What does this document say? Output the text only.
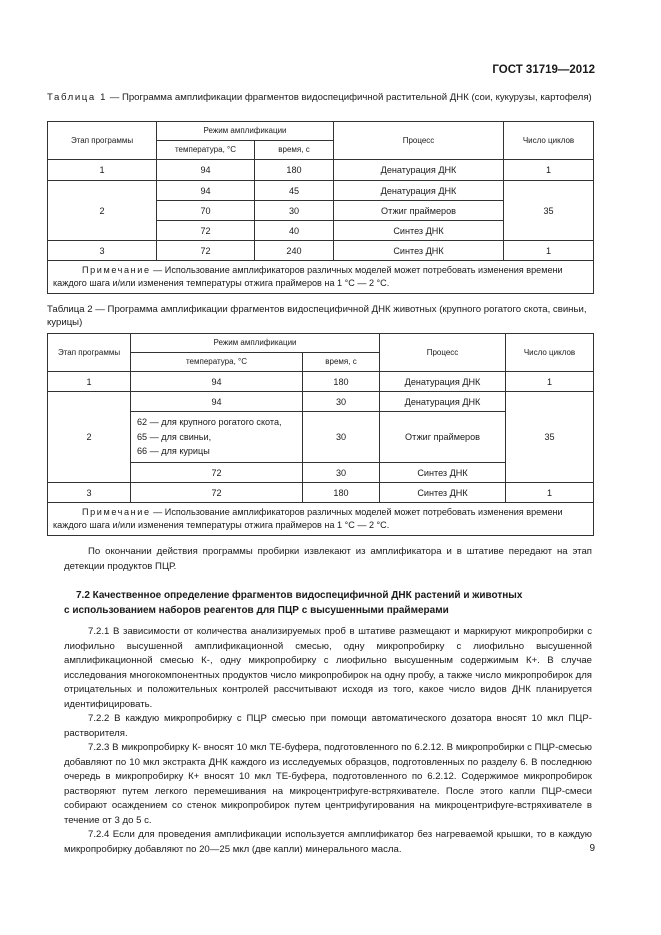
ГОСТ 31719—2012
Таблица 1 — Программа амплификации фрагментов видоспецифичной растительной ДНК (сои, кукурузы, картофеля)
Этап программы	Режим амплификации		Процесс	Число циклов
	температура, °С	время, с		
1	94	180	Денатурация ДНК	1
2	94	45	Денатурация ДНК	35
	70	30	Отжиг праймеров	
	72	40	Синтез ДНК	
3	72	240	Синтез ДНК	1
Примечание — Использование амплификаторов различных моделей может потребовать изменения времени каждого шага и/или изменения температуры отжига праймеров на 1 °С — 2 °С.				
Таблица 2 — Программа амплификации фрагментов видоспецифичной ДНК животных (крупного рогатого скота, свиньи, курицы)
Этап программы	Режим амплификации		Процесс	Число циклов
	температура, °С	время, с		
1	94	180	Денатурация ДНК	1
2	94	30	Денатурация ДНК	35

	62 — для крупного рогатого скота,
65 — для свиньи,
66 — для курицы	30	Отжиг праймеров	
	72	30	Синтез ДНК	
3	72	180	Синтез ДНК	1
Примечание — Использование амплификаторов различных моделей может потребовать изменения времени каждого шага и/или изменения температуры отжига праймеров на 1 °С — 2 °С.				

По окончании действия программы пробирки извлекают из амплификатора и в штативе передают на этап детекции продуктов ПЦР.

7.2 Качественное определение фрагментов видоспецифичной ДНК растений и животных

с использованием наборов реагентов для ПЦР с высушенными праймерами

7.2.1 В зависимости от количества анализируемых проб в штативе размещают и маркируют микропробирки с лиофильно высушенной амплификационной смесью, одну микропробирку с лиофильно высушенной амплификационной смесью К-, одну микропробирку с лиофильно высушенным содержимым К+. В случае исследования многокомпонентных продуктов число микропробирок на одну пробу, а также число микропробирок для отрицательных и положительных контролей рассчитывают исходя из того, какое число видов ДНК планируется идентифицировать.

7.2.2 В каждую микропробирку с ПЦР смесью при помощи автоматического дозатора вносят 10 мкл ПЦР-растворителя.

7.2.3 В микропробирку К- вносят 10 мкл ТЕ-буфера, подготовленного по 6.2.12. В микропробирки с ПЦР-смесью добавляют по 10 мкл экстракта ДНК каждого из исследуемых образцов, подготовленных по разделу 6. В последнюю очередь в микропробирку К+ вносят 10 мкл ТЕ-буфера, подготовленного по 6.2.12. Содержимое микропробирок растворяют путем легкого перемешивания на микроцентрифуге-встряхивателе. После этого капли ПЦР-смеси собирают осаждением со стенок микропробирок путем центрифугирования на микроцентрифуге-встряхивателе в течение от 3 до 5 с.

7.2.4 Если для проведения амплификации используется амплификатор без нагреваемой крышки, то в каждую микропробирку добавляют по 20—25 мкл (две капли) минерального масла.	9
